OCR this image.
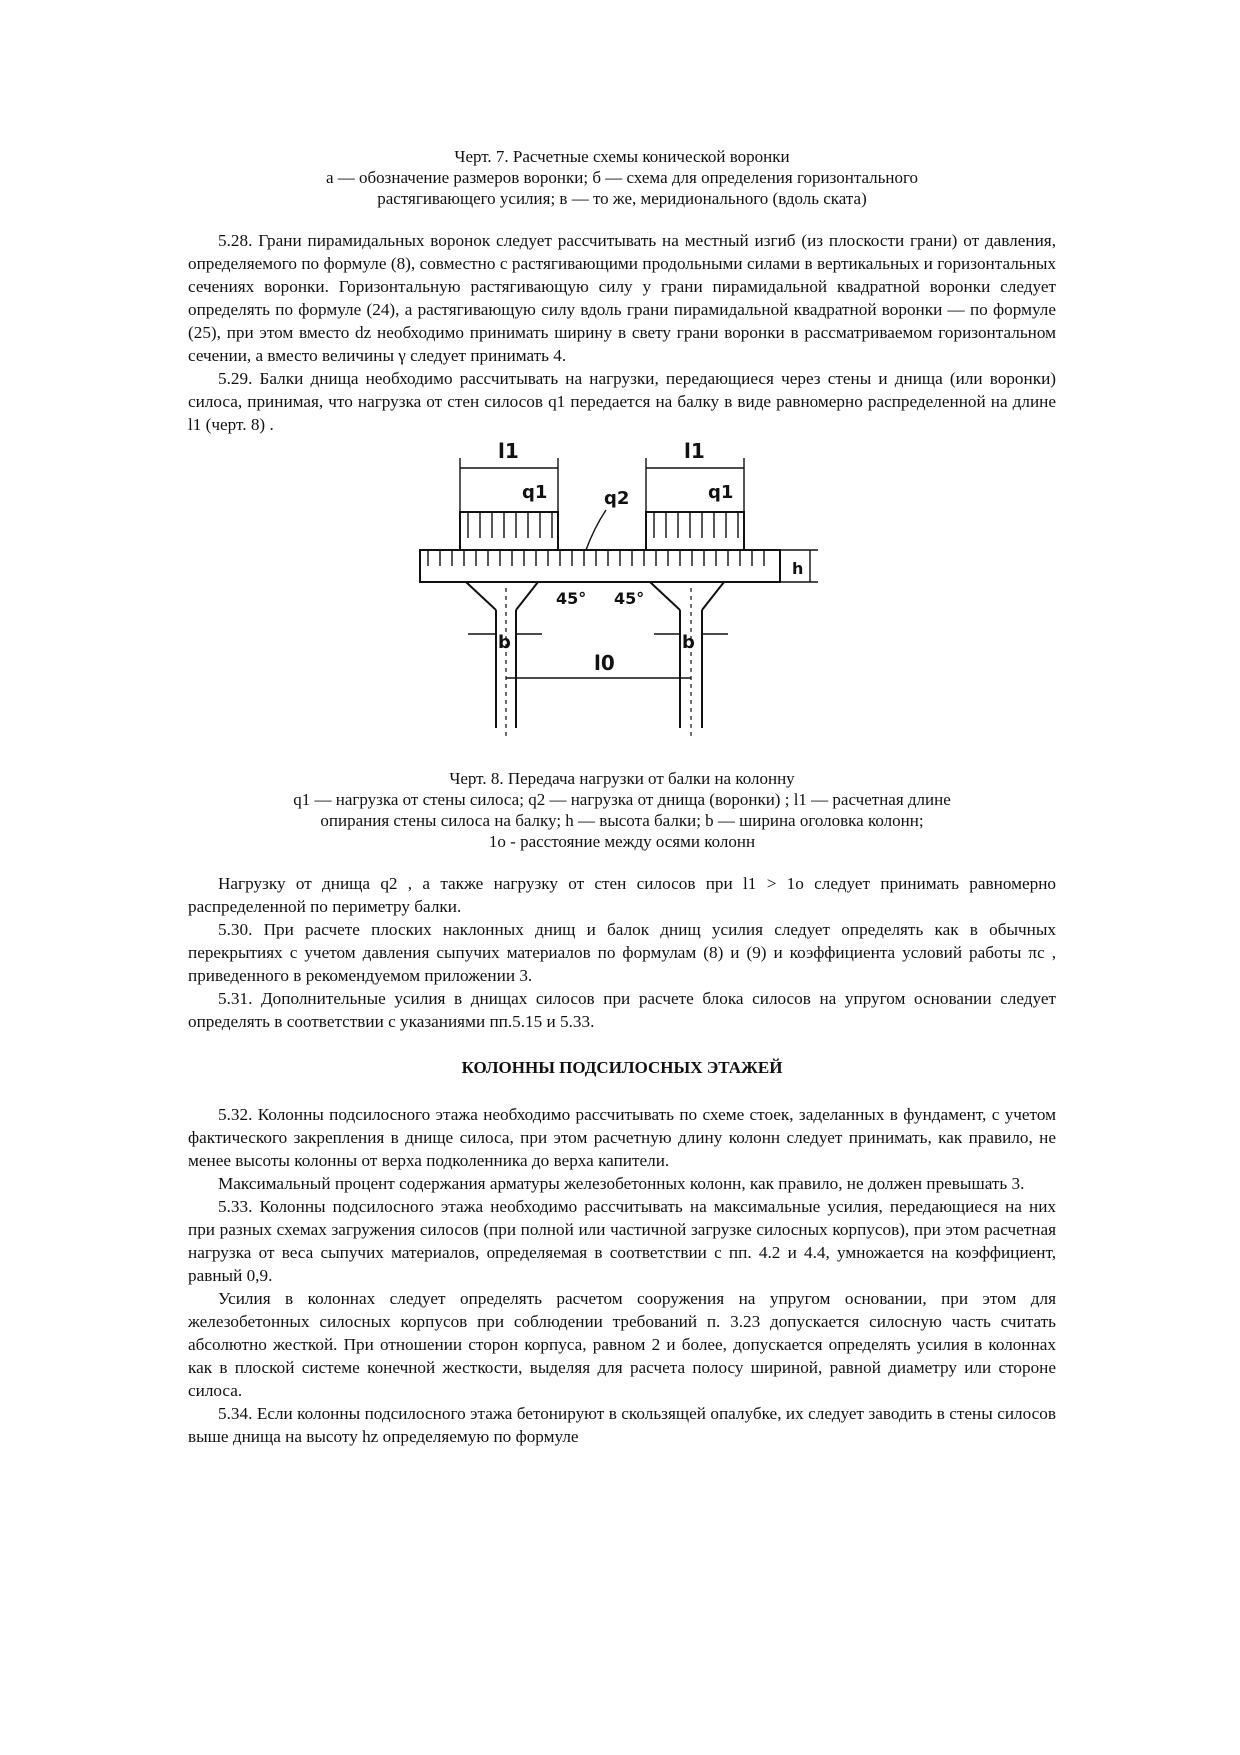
Черт. 7. Расчетные схемы конической воронки
а — обозначение размеров воронки; б — схема для определения горизонтального
растягивающего усилия; в — то же, меридионального (вдоль ската)

5.28. Грани пирамидальных воронок следует рассчитывать на местный изгиб (из плоскости грани) от давления, определяемого по формуле (8), совместно с растягивающими продольными силами в вертикальных и горизонтальных сечениях воронки. Горизонтальную растягивающую силу у грани пирамидальной квадратной воронки следует определять по формуле (24), а растягивающую силу вдоль грани пирамидальной квадратной воронки — по формуле (25), при этом вместо dz необходимо принимать ширину в свету грани воронки в рассматриваемом горизонтальном сечении, а вместо величины γ следует принимать 4.

5.29. Балки днища необходимо рассчитывать на нагрузки, передающиеся через стены и днища (или воронки) силоса, принимая, что нагрузка от стен силосов q1 передается на балку в виде равномерно распределенной на длине l1 (черт. 8) .

l1	l1
q1	q1
q2
45° 45°
h
b	b
l0
Черт. 8. Передача нагрузки от балки на колонну
q1 — нагрузка от стены силоса; q2 — нагрузка от днища (воронки) ; l1 — расчетная длине
опирания стены силоса на балку; h — высота балки; b — ширина оголовка колонн;
1o - расстояние между осями колонн

Нагрузку от днища q2 , а также нагрузку от стен силосов при l1 > 1o следует принимать равномерно распределенной по периметру балки.

5.30. При расчете плоских наклонных днищ и балок днищ усилия следует определять как в обычных перекрытиях с учетом давления сыпучих материалов по формулам (8) и (9) и коэффициента условий работы πc , приведенного в рекомендуемом приложении 3.

5.31. Дополнительные усилия в днищах силосов при расчете блока силосов на упругом основании следует определять в соответствии с указаниями пп.5.15 и 5.33.

КОЛОННЫ ПОДСИЛОСНЫХ ЭТАЖЕЙ

5.32. Колонны подсилосного этажа необходимо рассчитывать по схеме стоек, заделанных в фундамент, с учетом фактического закрепления в днище силоса, при этом расчетную длину колонн следует принимать, как правило, не менее высоты колонны от верха подколенника до верха капители.

Максимальный процент содержания арматуры железобетонных колонн, как правило, не должен превышать 3.

5.33. Колонны подсилосного этажа необходимо рассчитывать на максимальные усилия, передающиеся на них при разных схемах загружения силосов (при полной или частичной загрузке силосных корпусов), при этом расчетная нагрузка от веса сыпучих материалов, определяемая в соответствии с пп. 4.2 и 4.4, умножается на коэффициент, равный 0,9.

Усилия в колоннах следует определять расчетом сооружения на упругом основании, при этом для железобетонных силосных корпусов при соблюдении требований п. 3.23 допускается силосную часть считать абсолютно жесткой. При отношении сторон корпуса, равном 2 и более, допускается определять усилия в колоннах как в плоской системе конечной жесткости, выделяя для расчета полосу шириной, равной диаметру или стороне силоса.

5.34. Если колонны подсилосного этажа бетонируют в скользящей опалубке, их следует заводить в стены силосов выше днища на высоту hz определяемую по формуле
